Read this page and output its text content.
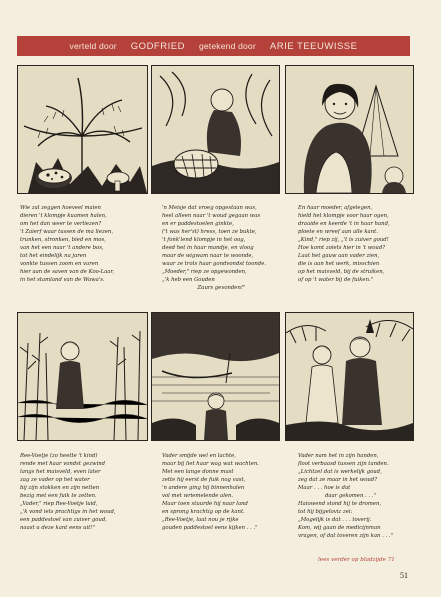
verteld door GODFRIED getekend door ARIE TEEUWISSE
Wie zal zeggen hoeveel maien
dieren 't klompje kuamen halen,
om het dan weer te verliezen?
't Zaierf waar tussen de ma liezen,
trunken, stronken, bied en mos,
van het een naar 't andere bos,
tot het eindelijk na jaren
vonkte tussen zoom en varen
hier aan de saven van de Koo-Laar,
in het stamland van de Wawa's.
'n Meisje dat vroeg opgestaan was,
heel alleen naar 't woud gegaan was
en er paddestoelen ginkte,
('t was her'st) hress, toen ze bukte,
't fonk'lend klompje in het oog,
deed het in haar mandje, en vloog
maar de wigwam naar te woonde,
waar ze trots haar gondvondst toonde.
„Moeder," riep ze opgewonden,
„'k heb een Gouden
Zuurs gevonden!"
En haar moeder, afgelegen,
hield het klompje voor haar ogen,
draaide en keerde 't in haar hand,
ploete en wreef aan alle kant.
„Kind," riep zij, „'t is zuiver goud!
Hoe komt zoiets hier in 't woud?
Laat het gauw aan vader zien,
die is aan het werk, misschien
op het maisveld, bij de struiken,
of op 't water bij de fuiken."
Ree-Voetje (zo heette 't kind)
rende met haar vondst gezwind
langs het maisveld, even later
zag ze vader op het water
bij zijn stokken en zijn netten
bezig met een fuik te zetten.
„Vader," riep Ree-Voetje luid,
„'k vond iets prachtigs in het woud,
een paddestoel van zuiver goud,
naast u deze kant eens uit!"
Vader smijde wel en lachte,
maar bij liet haar wag wat wachten.
Met een lange donne mast
zette hij eerst de fuik nog vast,
'n andere ging hij binnenhalen
vol met wriemelende alen.
Maar toen stuurde hij naar land
en sprong krachtig op de kant.
„Ree-Voetje, laat nou je rijke
gouden paddestoel eens kijken . . ."
Vader nam het in zijn handen,
floot verbaasd tussen zijn tanden.
„Lichtzel dat is werkelijk goud,
zeg dat ze maar in het woud?
Maar . . . hoe is dat
daar gekomen . . ."
Haiowend stond hij te dromen,
tot hij bijgeloviz zei:
„Mogelijk is dat . . . toverij.
Kom, wij gaan de medicijnman
vragen, of dat toveren zijn kan . . ."
lees verder op bladzijde 71
51
